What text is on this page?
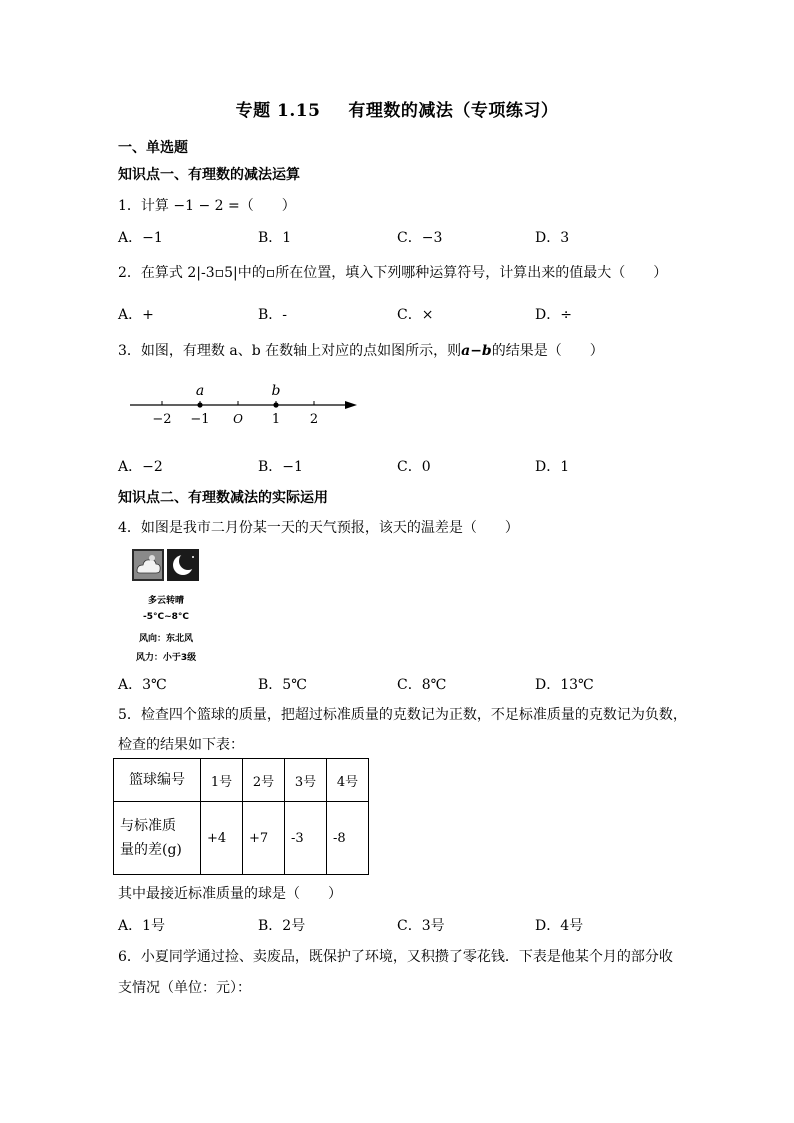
专题 1.15 有理数的减法（专项练习）
一、单选题
知识点一、有理数的减法运算
1．计算 −1 − 2 =（　　）
A．−1	B．1	C．−3	D．3
2．在算式 2|-3▫5|中的▫所在位置，填入下列哪种运算符号，计算出来的值最大（　　）
A．+	B．-	C．×	D．÷
3．如图，有理数 a、b 在数轴上对应的点如图所示，则a−b的结果是（　　）
a	b
−2 −1 O 1 2
A．−2	B．−1	C．0	D．1
知识点二、有理数减法的实际运用
4．如图是我市二月份某一天的天气预报，该天的温差是（　　）
多云转晴
-5°C~8°C
风向：东北风
风力：小于3级
A．3℃	B．5℃	C．8℃	D．13℃
5．检查四个篮球的质量，把超过标准质量的克数记为正数，不足标准质量的克数记为负数，
检查的结果如下表：
篮球编号	1号	2号	3号	4号

与标准质
量的差(g)	+4	+7	-3	-8
其中最接近标准质量的球是（　　）
A．1号	B．2号	C．3号	D．4号
6．小夏同学通过捡、卖废品，既保护了环境，又积攒了零花钱．下表是他某个月的部分收
支情况（单位：元）：
